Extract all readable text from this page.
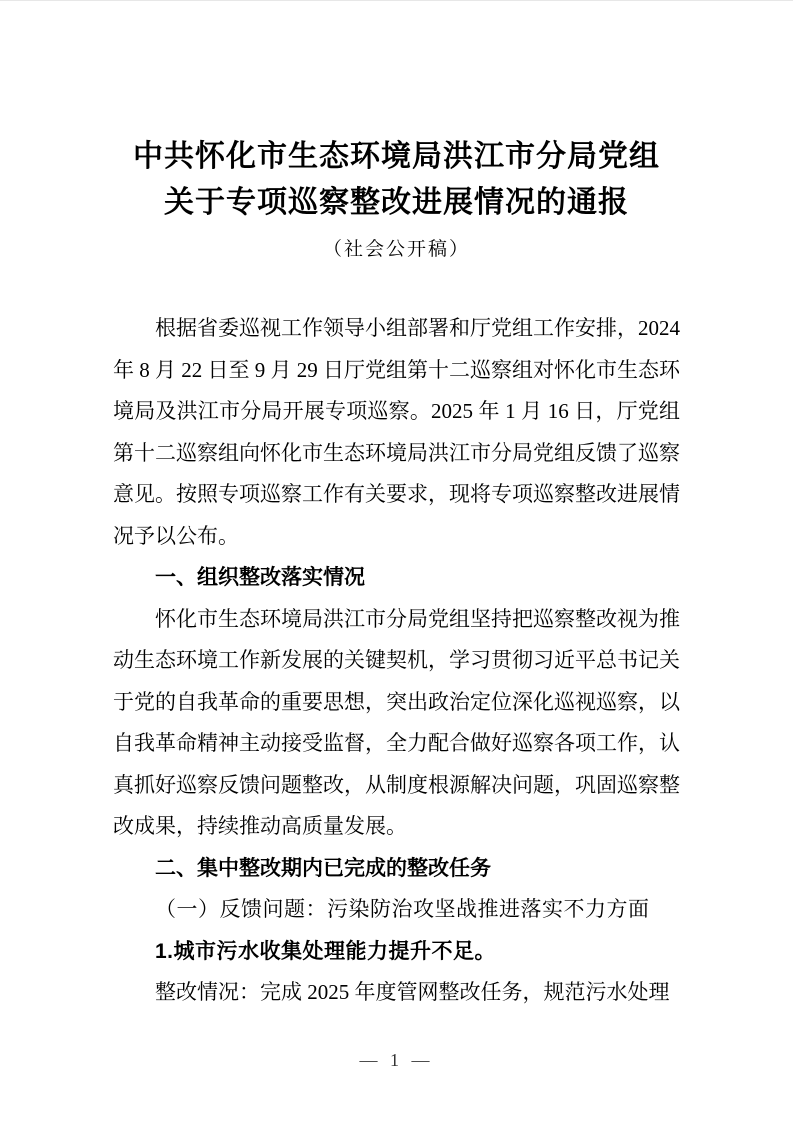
中共怀化市生态环境局洪江市分局党组
关于专项巡察整改进展情况的通报
（社会公开稿）

根据省委巡视工作领导小组部署和厅党组工作安排，2024 年 8 月 22 日至 9 月 29 日厅党组第十二巡察组对怀化市生态环境局及洪江市分局开展专项巡察。2025 年 1 月 16 日，厅党组第十二巡察组向怀化市生态环境局洪江市分局党组反馈了巡察意见。按照专项巡察工作有关要求，现将专项巡察整改进展情况予以公布。

一、组织整改落实情况

怀化市生态环境局洪江市分局党组坚持把巡察整改视为推动生态环境工作新发展的关键契机，学习贯彻习近平总书记关于党的自我革命的重要思想，突出政治定位深化巡视巡察，以自我革命精神主动接受监督，全力配合做好巡察各项工作，认真抓好巡察反馈问题整改，从制度根源解决问题，巩固巡察整改成果，持续推动高质量发展。

二、集中整改期内已完成的整改任务

（一）反馈问题：污染防治攻坚战推进落实不力方面

1.城市污水收集处理能力提升不足。

整改情况：完成 2025 年度管网整改任务，规范污水处理

— 1 —
